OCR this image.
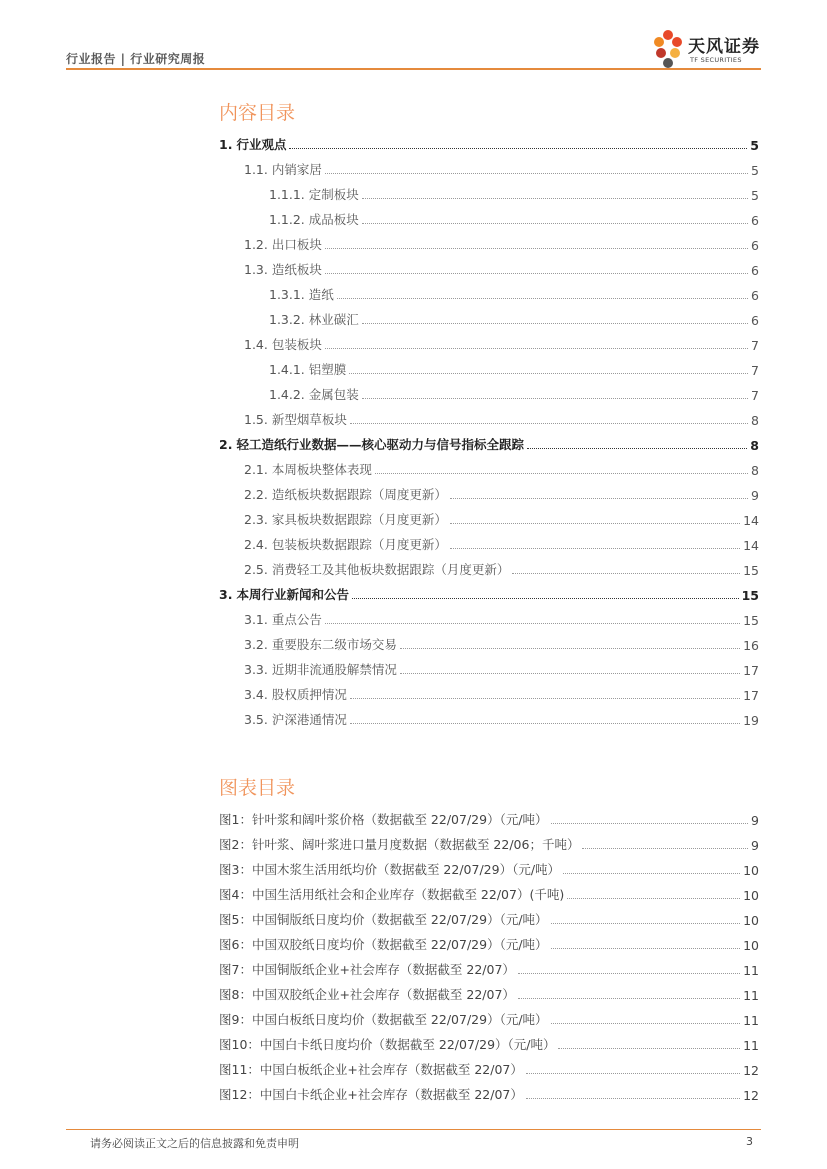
行业报告 | 行业研究周报
天风证券
TF SECURITIES
内容目录
1. 行业观点	5
1.1. 内销家居	5
1.1.1. 定制板块	5
1.1.2. 成品板块	6
1.2. 出口板块	6
1.3. 造纸板块	6
1.3.1. 造纸	6
1.3.2. 林业碳汇	6
1.4. 包装板块	7
1.4.1. 铝塑膜	7
1.4.2. 金属包装	7
1.5. 新型烟草板块	8
2. 轻工造纸行业数据——核心驱动力与信号指标全跟踪	8
2.1. 本周板块整体表现	8
2.2. 造纸板块数据跟踪（周度更新）	9
2.3. 家具板块数据跟踪（月度更新）	14
2.4. 包装板块数据跟踪（月度更新）	14
2.5. 消费轻工及其他板块数据跟踪（月度更新）	15
3. 本周行业新闻和公告	15
3.1. 重点公告	15
3.2. 重要股东二级市场交易	16
3.3. 近期非流通股解禁情况	17
3.4. 股权质押情况	17
3.5. 沪深港通情况	19
图表目录
图1：针叶浆和阔叶浆价格（数据截至 22/07/29）（元/吨）	9
图2：针叶浆、阔叶浆进口量月度数据（数据截至 22/06；千吨）	9
图3：中国木浆生活用纸均价（数据截至 22/07/29）（元/吨）	10
图4：中国生活用纸社会和企业库存（数据截至 22/07）(千吨)	10
图5：中国铜版纸日度均价（数据截至 22/07/29）（元/吨）	10
图6：中国双胶纸日度均价（数据截至 22/07/29）（元/吨）	10
图7：中国铜版纸企业+社会库存（数据截至 22/07）	11
图8：中国双胶纸企业+社会库存（数据截至 22/07）	11
图9：中国白板纸日度均价（数据截至 22/07/29）（元/吨）	11
图10：中国白卡纸日度均价（数据截至 22/07/29）（元/吨）	11
图11：中国白板纸企业+社会库存（数据截至 22/07）	12
图12：中国白卡纸企业+社会库存（数据截至 22/07）	12
请务必阅读正文之后的信息披露和免责申明	3
